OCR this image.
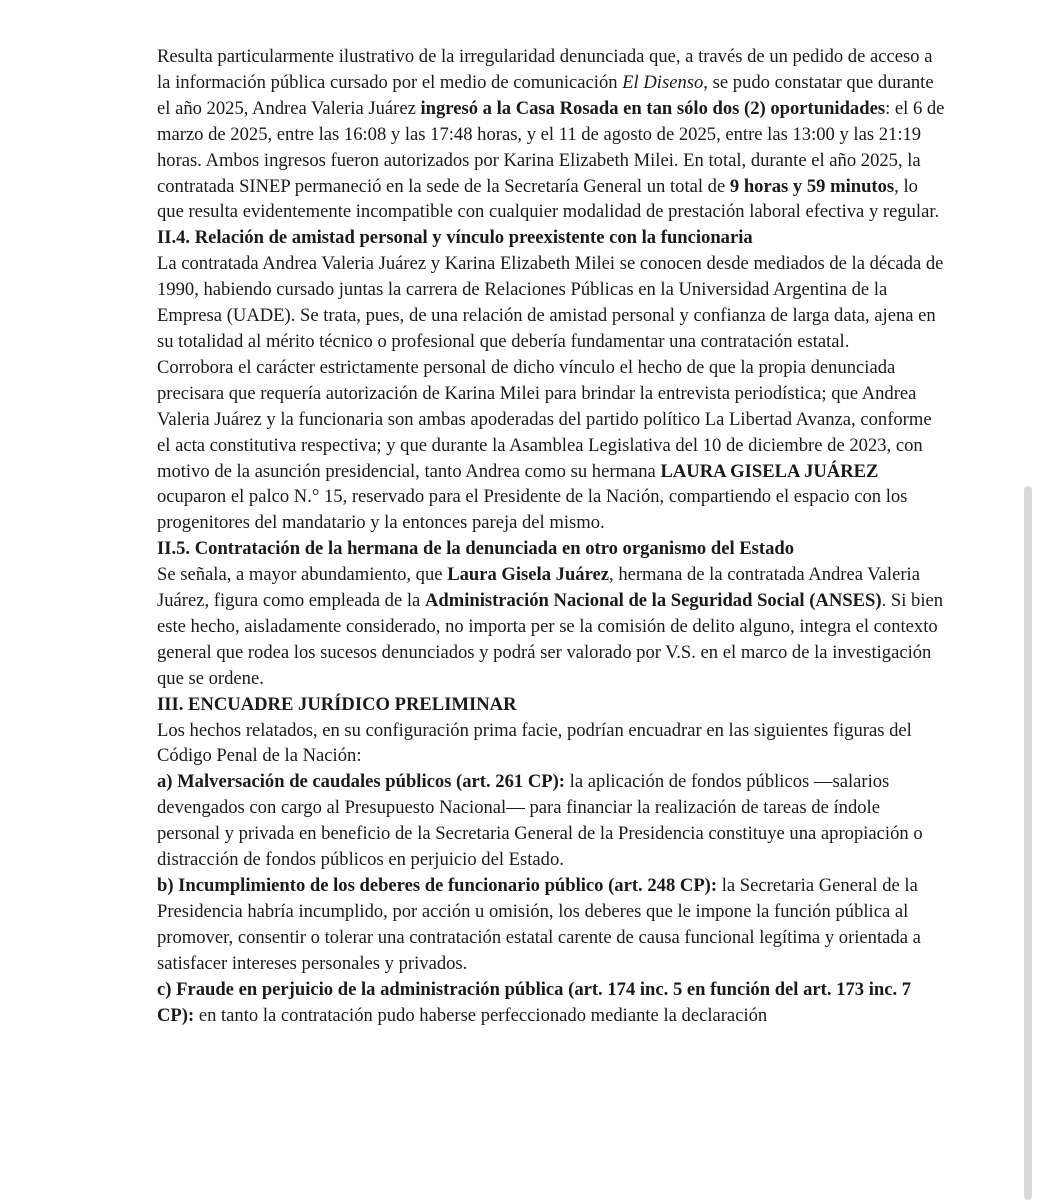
Resulta particularmente ilustrativo de la irregularidad denunciada que, a través de un pedido de acceso a la información pública cursado por el medio de comunicación El Disenso, se pudo constatar que durante el año 2025, Andrea Valeria Juárez ingresó a la Casa Rosada en tan sólo dos (2) oportunidades: el 6 de marzo de 2025, entre las 16:08 y las 17:48 horas, y el 11 de agosto de 2025, entre las 13:00 y las 21:19 horas. Ambos ingresos fueron autorizados por Karina Elizabeth Milei. En total, durante el año 2025, la contratada SINEP permaneció en la sede de la Secretaría General un total de 9 horas y 59 minutos, lo que resulta evidentemente incompatible con cualquier modalidad de prestación laboral efectiva y regular.

II.4. Relación de amistad personal y vínculo preexistente con la funcionaria

La contratada Andrea Valeria Juárez y Karina Elizabeth Milei se conocen desde mediados de la década de 1990, habiendo cursado juntas la carrera de Relaciones Públicas en la Universidad Argentina de la Empresa (UADE). Se trata, pues, de una relación de amistad personal y confianza de larga data, ajena en su totalidad al mérito técnico o profesional que debería fundamentar una contratación estatal.

Corrobora el carácter estrictamente personal de dicho vínculo el hecho de que la propia denunciada precisara que requería autorización de Karina Milei para brindar la entrevista periodística; que Andrea Valeria Juárez y la funcionaria son ambas apoderadas del partido político La Libertad Avanza, conforme el acta constitutiva respectiva; y que durante la Asamblea Legislativa del 10 de diciembre de 2023, con motivo de la asunción presidencial, tanto Andrea como su hermana LAURA GISELA JUÁREZ ocuparon el palco N.° 15, reservado para el Presidente de la Nación, compartiendo el espacio con los progenitores del mandatario y la entonces pareja del mismo.

II.5. Contratación de la hermana de la denunciada en otro organismo del Estado

Se señala, a mayor abundamiento, que Laura Gisela Juárez, hermana de la contratada Andrea Valeria Juárez, figura como empleada de la Administración Nacional de la Seguridad Social (ANSES). Si bien este hecho, aisladamente considerado, no importa per se la comisión de delito alguno, integra el contexto general que rodea los sucesos denunciados y podrá ser valorado por V.S. en el marco de la investigación que se ordene.

III. ENCUADRE JURÍDICO PRELIMINAR

Los hechos relatados, en su configuración prima facie, podrían encuadrar en las siguientes figuras del Código Penal de la Nación:

a) Malversación de caudales públicos (art. 261 CP): la aplicación de fondos públicos —salarios devengados con cargo al Presupuesto Nacional— para financiar la realización de tareas de índole personal y privada en beneficio de la Secretaria General de la Presidencia constituye una apropiación o distracción de fondos públicos en perjuicio del Estado.

b) Incumplimiento de los deberes de funcionario público (art. 248 CP): la Secretaria General de la Presidencia habría incumplido, por acción u omisión, los deberes que le impone la función pública al promover, consentir o tolerar una contratación estatal carente de causa funcional legítima y orientada a satisfacer intereses personales y privados.

c) Fraude en perjuicio de la administración pública (art. 174 inc. 5 en función del art. 173 inc. 7 CP): en tanto la contratación pudo haberse perfeccionado mediante la declaración
